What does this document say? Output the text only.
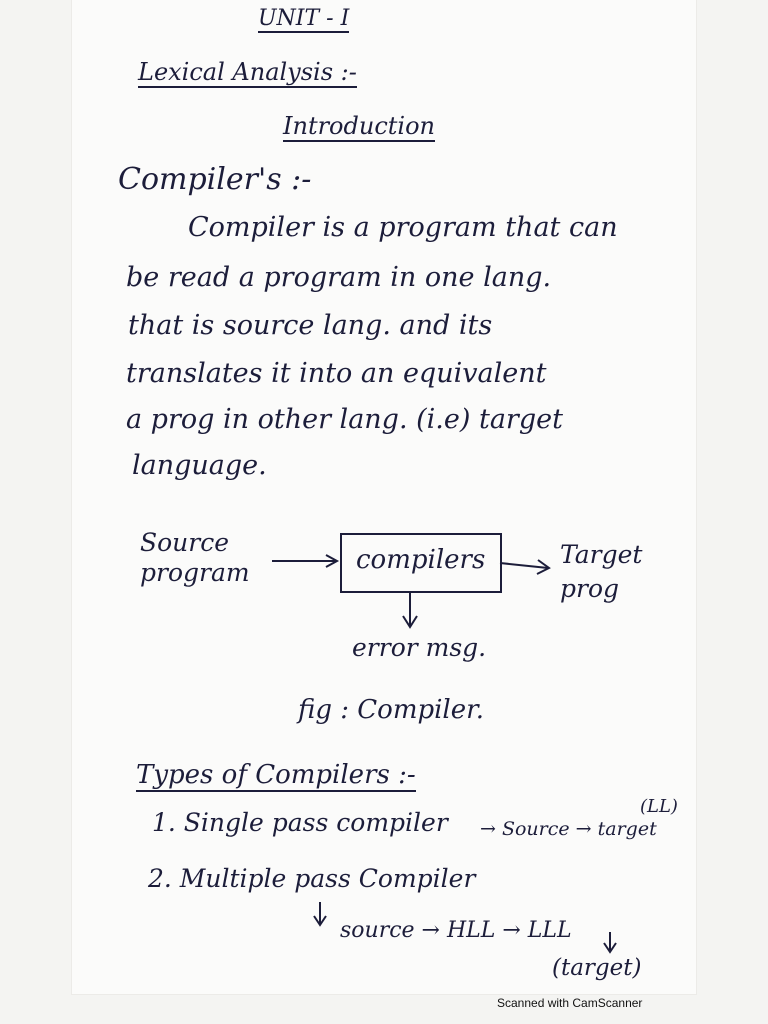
UNIT - I
Lexical Analysis :-
Introduction
Compiler's :-
Compiler is a program that can
be read a program in one lang.
that is source lang. and its
translates it into an equivalent
a prog in other lang. (i.e) target
language.
Source program	compilers	Target prog
error msg.
fig : Compiler.
Types of Compilers :-
1. Single pass compiler → Source → target
(LL)
2. Multiple pass Compiler
source → HLL → LLL
(target)
Scanned with CamScanner
